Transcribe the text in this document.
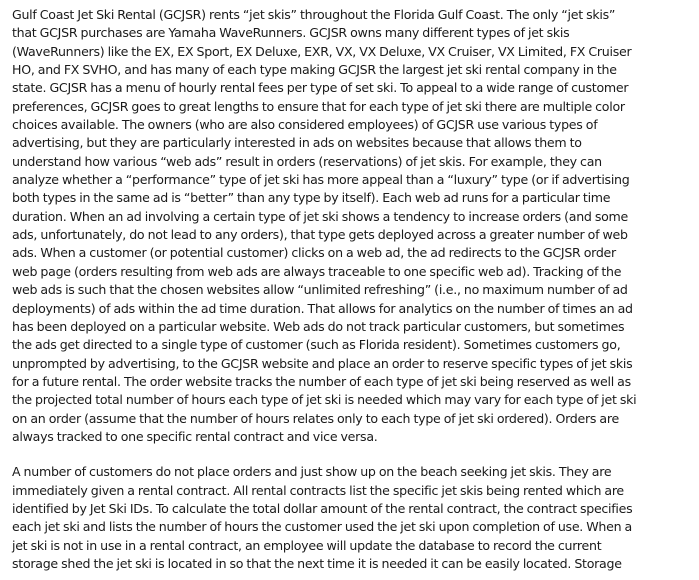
Gulf Coast Jet Ski Rental (GCJSR) rents “jet skis” throughout the Florida Gulf Coast. The only “jet skis”
that GCJSR purchases are Yamaha WaveRunners. GCJSR owns many different types of jet skis
(WaveRunners) like the EX, EX Sport, EX Deluxe, EXR, VX, VX Deluxe, VX Cruiser, VX Limited, FX Cruiser
HO, and FX SVHO, and has many of each type making GCJSR the largest jet ski rental company in the
state. GCJSR has a menu of hourly rental fees per type of set ski. To appeal to a wide range of customer
preferences, GCJSR goes to great lengths to ensure that for each type of jet ski there are multiple color
choices available. The owners (who are also considered employees) of GCJSR use various types of
advertising, but they are particularly interested in ads on websites because that allows them to
understand how various “web ads” result in orders (reservations) of jet skis. For example, they can
analyze whether a “performance” type of jet ski has more appeal than a “luxury” type (or if advertising
both types in the same ad is “better” than any type by itself). Each web ad runs for a particular time
duration. When an ad involving a certain type of jet ski shows a tendency to increase orders (and some
ads, unfortunately, do not lead to any orders), that type gets deployed across a greater number of web
ads. When a customer (or potential customer) clicks on a web ad, the ad redirects to the GCJSR order
web page (orders resulting from web ads are always traceable to one specific web ad). Tracking of the
web ads is such that the chosen websites allow “unlimited refreshing” (i.e., no maximum number of ad
deployments) of ads within the ad time duration. That allows for analytics on the number of times an ad
has been deployed on a particular website. Web ads do not track particular customers, but sometimes
the ads get directed to a single type of customer (such as Florida resident). Sometimes customers go,
unprompted by advertising, to the GCJSR website and place an order to reserve specific types of jet skis
for a future rental. The order website tracks the number of each type of jet ski being reserved as well as
the projected total number of hours each type of jet ski is needed which may vary for each type of jet ski
on an order (assume that the number of hours relates only to each type of jet ski ordered). Orders are
always tracked to one specific rental contract and vice versa.

A number of customers do not place orders and just show up on the beach seeking jet skis. They are
immediately given a rental contract. All rental contracts list the specific jet skis being rented which are
identified by Jet Ski IDs. To calculate the total dollar amount of the rental contract, the contract specifies
each jet ski and lists the number of hours the customer used the jet ski upon completion of use. When a
jet ski is not in use in a rental contract, an employee will update the database to record the current
storage shed the jet ski is located in so that the next time it is needed it can be easily located. Storage
